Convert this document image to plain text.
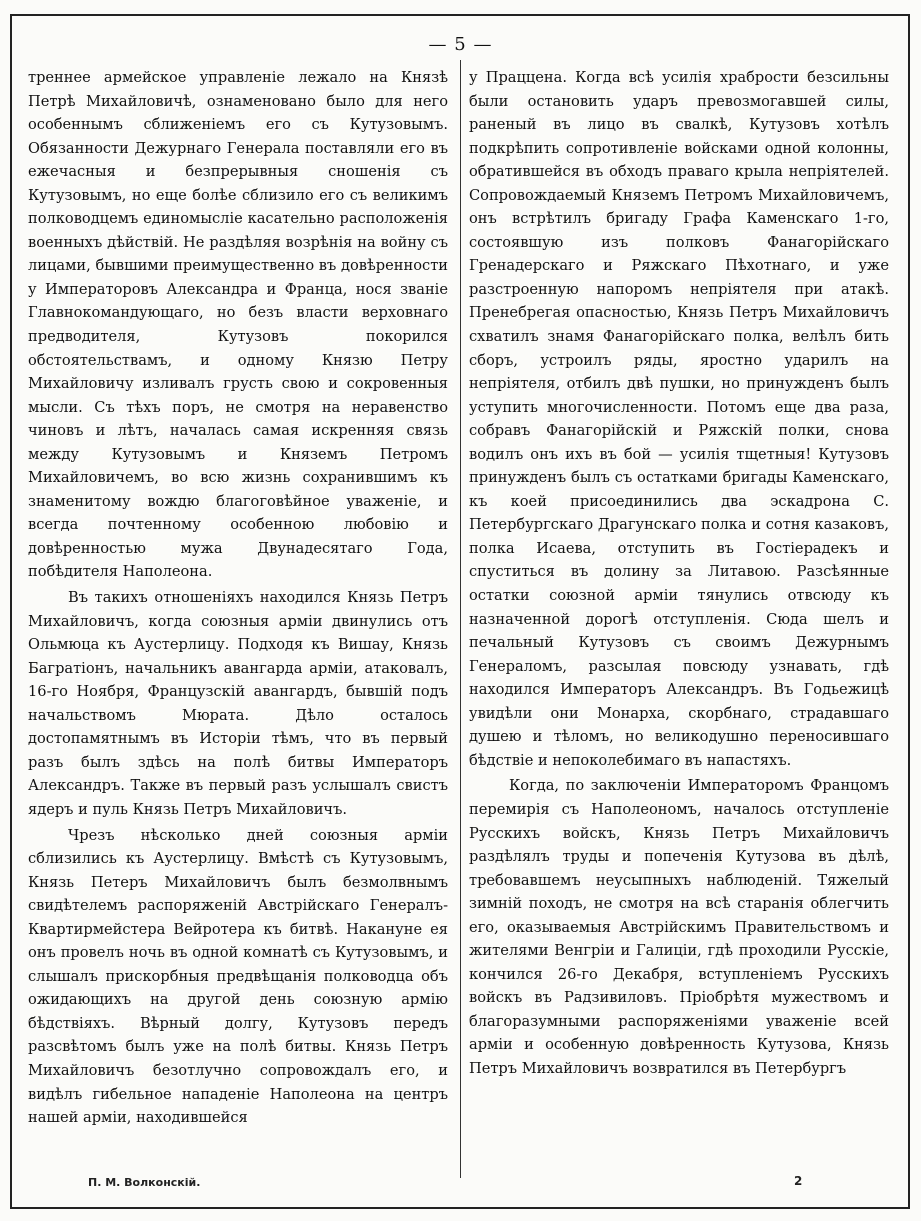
— 5 —

треннее армейское управленіе лежало на Князѣ Петрѣ Михайловичѣ, ознаменовано было для него особеннымъ сближеніемъ его съ Кутузовымъ. Обязанности Дежурнаго Генерала поставляли его въ ежечасныя и безпрерывныя сношенія съ Кутузовымъ, но еще болѣе сблизило его съ великимъ полководцемъ единомысліе касательно расположенія военныхъ дѣйствій. Не раздѣляя возрѣнія на войну съ лицами, бывшими преимущественно въ довѣренности у Императоровъ Александра и Франца, нося званіе Главнокомандующаго, но безъ власти верховнаго предводителя, Кутузовъ покорился обстоятельствамъ, и одному Князю Петру Михайловичу изливалъ грусть свою и сокровенныя мысли. Съ тѣхъ поръ, не смотря на неравенство чиновъ и лѣтъ, началась самая искренняя связь между Кутузовымъ и Княземъ Петромъ Михайловичемъ, во всю жизнь сохранившимъ къ знаменитому вождю благоговѣйное уваженіе, и всегда почтенному особенною любовію и довѣренностью мужа Двунадесятаго Года, побѣдителя Наполеона.

Въ такихъ отношеніяхъ находился Князь Петръ Михайловичъ, когда союзныя арміи двинулись отъ Ольмюца къ Аустерлицу. Подходя къ Вишау, Князь Багратіонъ, начальникъ авангарда арміи, атаковалъ, 16-го Ноября, Французскій авангардъ, бывшій подъ начальствомъ Мюрата. Дѣло осталось достопамятнымъ въ Исторіи тѣмъ, что въ первый разъ былъ здѣсь на полѣ битвы Императоръ Александръ. Также въ первый разъ услышалъ свистъ ядеръ и пуль Князь Петръ Михайловичъ.

Чрезъ нѣсколько дней союзныя арміи сблизились къ Аустерлицу. Вмѣстѣ съ Кутузовымъ, Князь Петеръ Михайловичъ былъ безмолвнымъ свидѣтелемъ распоряженій Австрійскаго Генералъ-Квартирмейстера Вейротера къ битвѣ. Накануне ея онъ провелъ ночь въ одной комнатѣ съ Кутузовымъ, и слышалъ прискорбныя предвѣщанія полководца объ ожидающихъ на другой день союзную армію бѣдствіяхъ. Вѣрный долгу, Кутузовъ передъ разсвѣтомъ былъ уже на полѣ битвы. Князь Петръ Михайловичъ безотлучно сопровождалъ его, и видѣлъ гибельное нападеніе Наполеона на центръ нашей арміи, находившейся

у Праццена. Когда всѣ усилія храбрости безсильны были остановить ударъ превозмогавшей силы, раненый въ лицо въ свалкѣ, Кутузовъ хотѣлъ подкрѣпить сопротивленіе войсками одной колонны, обратившейся въ обходъ праваго крыла непріятелей. Сопровождаемый Княземъ Петромъ Михайловичемъ, онъ встрѣтилъ бригаду Графа Каменскаго 1-го, состоявшую изъ полковъ Фанагорійскаго Гренадерскаго и Ряжскаго Пѣхотнаго, и уже разстроенную напоромъ непріятеля при атакѣ. Пренебрегая опасностью, Князь Петръ Михайловичъ схватилъ знамя Фанагорійскаго полка, велѣлъ бить сборъ, устроилъ ряды, яростно ударилъ на непріятеля, отбилъ двѣ пушки, но принужденъ былъ уступить многочисленности. Потомъ еще два раза, собравъ Фанагорійскій и Ряжскій полки, снова водилъ онъ ихъ въ бой — усилія тщетныя! Кутузовъ принужденъ былъ съ остатками бригады Каменскаго, къ коей присоединились два эскадрона С. Петербургскаго Драгунскаго полка и сотня казаковъ, полка Исаева, отступить въ Гостіерадекъ и спуститься въ долину за Литавою. Разсѣянные остатки союзной арміи тянулись отвсюду къ назначенной дорогѣ отступленія. Сюда шелъ и печальный Кутузовъ съ своимъ Дежурнымъ Генераломъ, разсылая повсюду узнавать, гдѣ находился Императоръ Александръ. Въ Годьежицѣ увидѣли они Монарха, скорбнаго, страдавшаго душею и тѣломъ, но великодушно переносившаго бѣдствіе и непоколебимаго въ напастяхъ.

Когда, по заключеніи Императоромъ Францомъ перемирія съ Наполеономъ, началось отступленіе Русскихъ войскъ, Князь Петръ Михайловичъ раздѣлялъ труды и попеченія Кутузова въ дѣлѣ, требовавшемъ неусыпныхъ наблюденій. Тяжелый зимній походъ, не смотря на всѣ старанія облегчить его, оказываемыя Австрійскимъ Правительствомъ и жителями Венгріи и Галиціи, гдѣ проходили Русскіе, кончился 26-го Декабря, вступленіемъ Русскихъ войскъ въ Радзивиловъ. Пріобрѣтя мужествомъ и благоразумными распоряженіями уваженіе всей арміи и особенную довѣренность Кутузова, Князь Петръ Михайловичъ возвратился въ Петербургъ

П. М. Волконскій.	2
